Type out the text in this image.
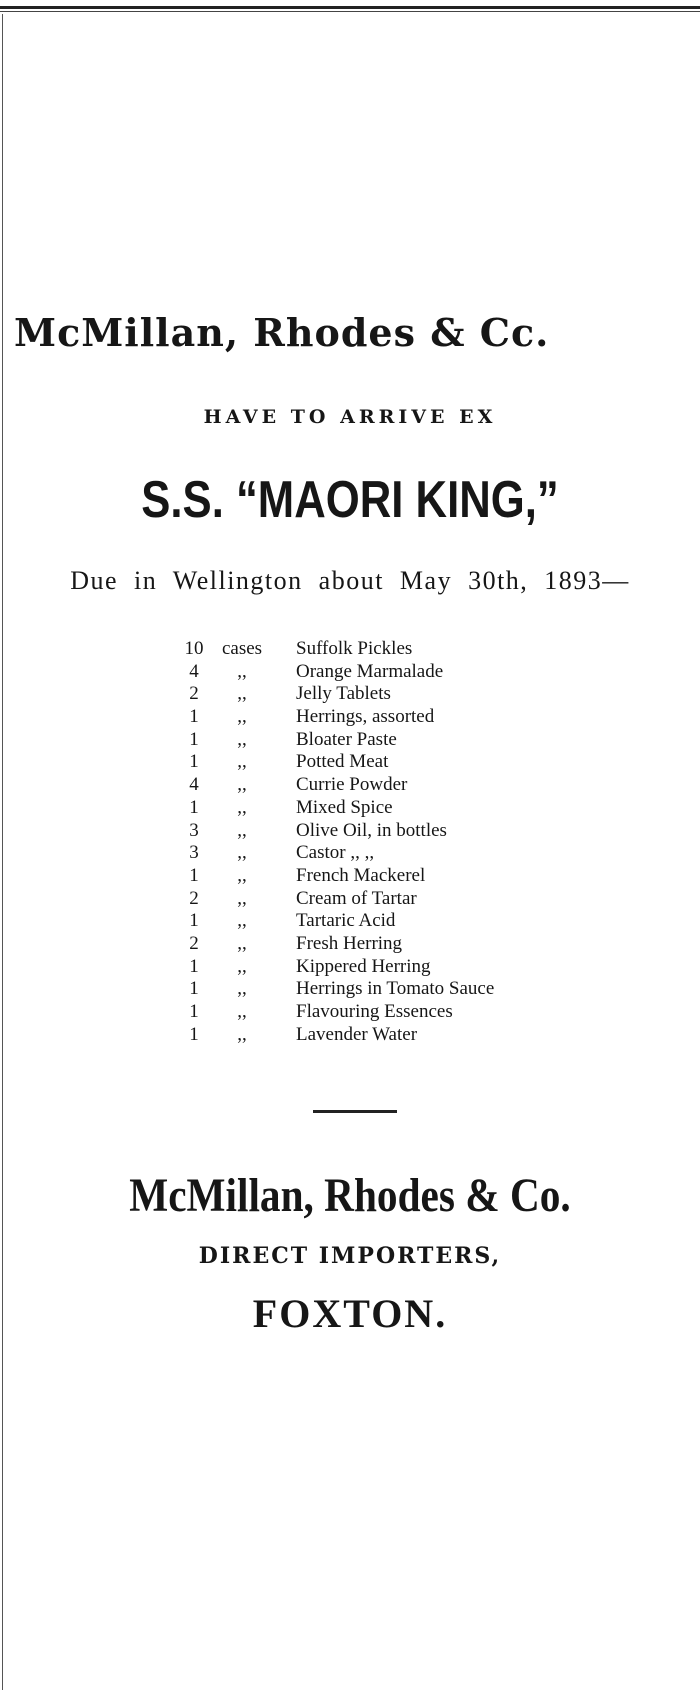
McMillan, Rhodes & Cc.
HAVE TO ARRIVE EX
S.S. “MAORI KING,”
Due in Wellington about May 30th, 1893—
10 cases	Suffolk Pickles
4	,,	Orange Marmalade
2	,,	Jelly Tablets
1	,,	Herrings, assorted
1	,,	Bloater Paste
1	,,	Potted Meat
4	,,	Currie Powder
1	,,	Mixed Spice
3	,,	Olive Oil, in bottles
3	,,	Castor ,, ,,
1	,,	French Mackerel
2	,,	Cream of Tartar
1	,,	Tartaric Acid
2	,,	Fresh Herring
1	,,	Kippered Herring
1	,,	Herrings in Tomato Sauce
1	,,	Flavouring Essences
1	,,	Lavender Water
McMillan, Rhodes & Co.
DIRECT IMPORTERS,
FOXTON.
